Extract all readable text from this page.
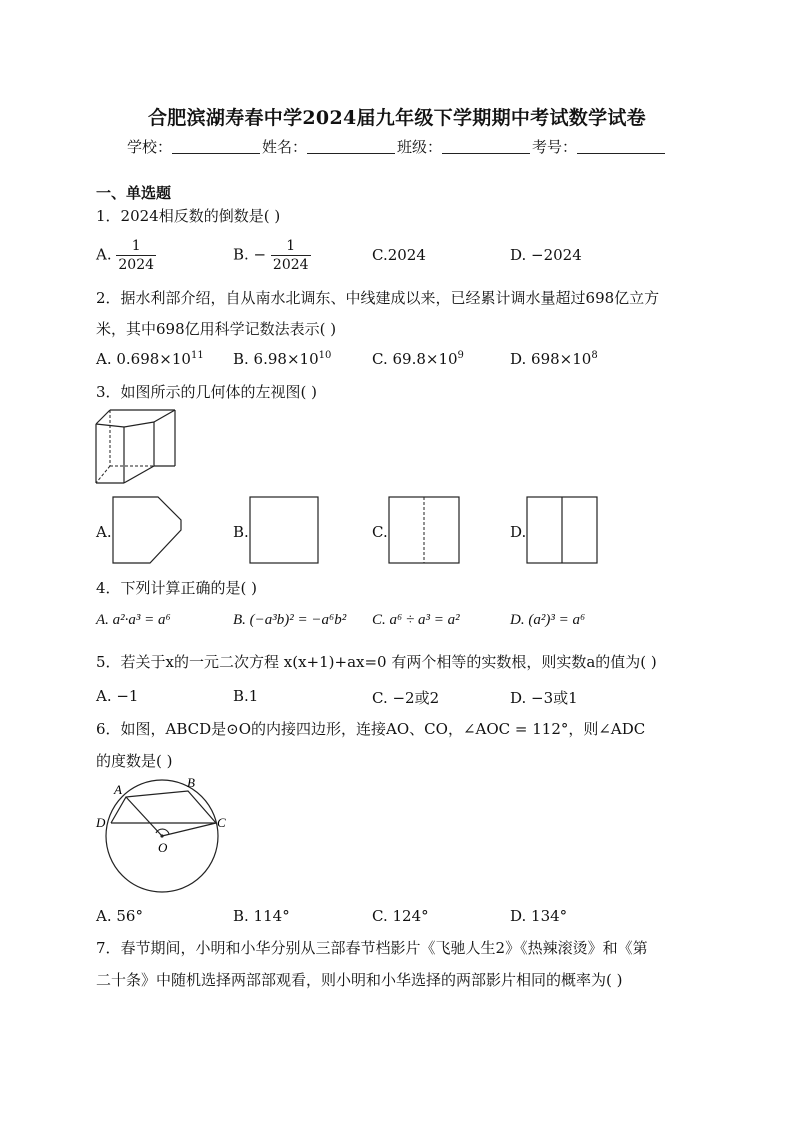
合肥滨湖寿春中学2024届九年级下学期期中考试数学试卷
学校：	姓名：	班级：	考号：
一、单选题
1．2024相反数的倒数是( )
A. $\frac{1}{2024}$	B. − $\frac{1}{2024}$	C.2024	D. −2024
2．据水利部介绍，自从南水北调东、中线建成以来，已经累计调水量超过698亿立方
米，其中698亿用科学记数法表示( )
A. $0.698\times 10^{11}$ B. $6.98\times 10^{10}$	C. $69.8\times 10^9$	D. $698\times 10^8$
3．如图所示的几何体的左视图( )
A.	B.	C.	D.
4．下列计算正确的是( )
A. a²·a³ = a⁶	B. (−a³b)² = −a⁶b² C. a⁶ ÷ a³ = a²	D. (a²)³ = a⁶
5．若关于x的一元二次方程 x(x+1)+ax=0 有两个相等的实数根，则实数a的值为( )
A. −1	B.1	C. −2或2	D. −3或1
6．如图，ABCD是⊙O的内接四边形，连接AO、CO，∠AOC = 112°，则∠ADC
的度数是( )
A	B
C
D
O
A. 56°	B. 114°	C. 124°	D. 134°
7．春节期间，小明和小华分别从三部春节档影片《飞驰人生2》《热辣滚烫》和《第
二十条》中随机选择两部部观看，则小明和小华选择的两部影片相同的概率为( )
